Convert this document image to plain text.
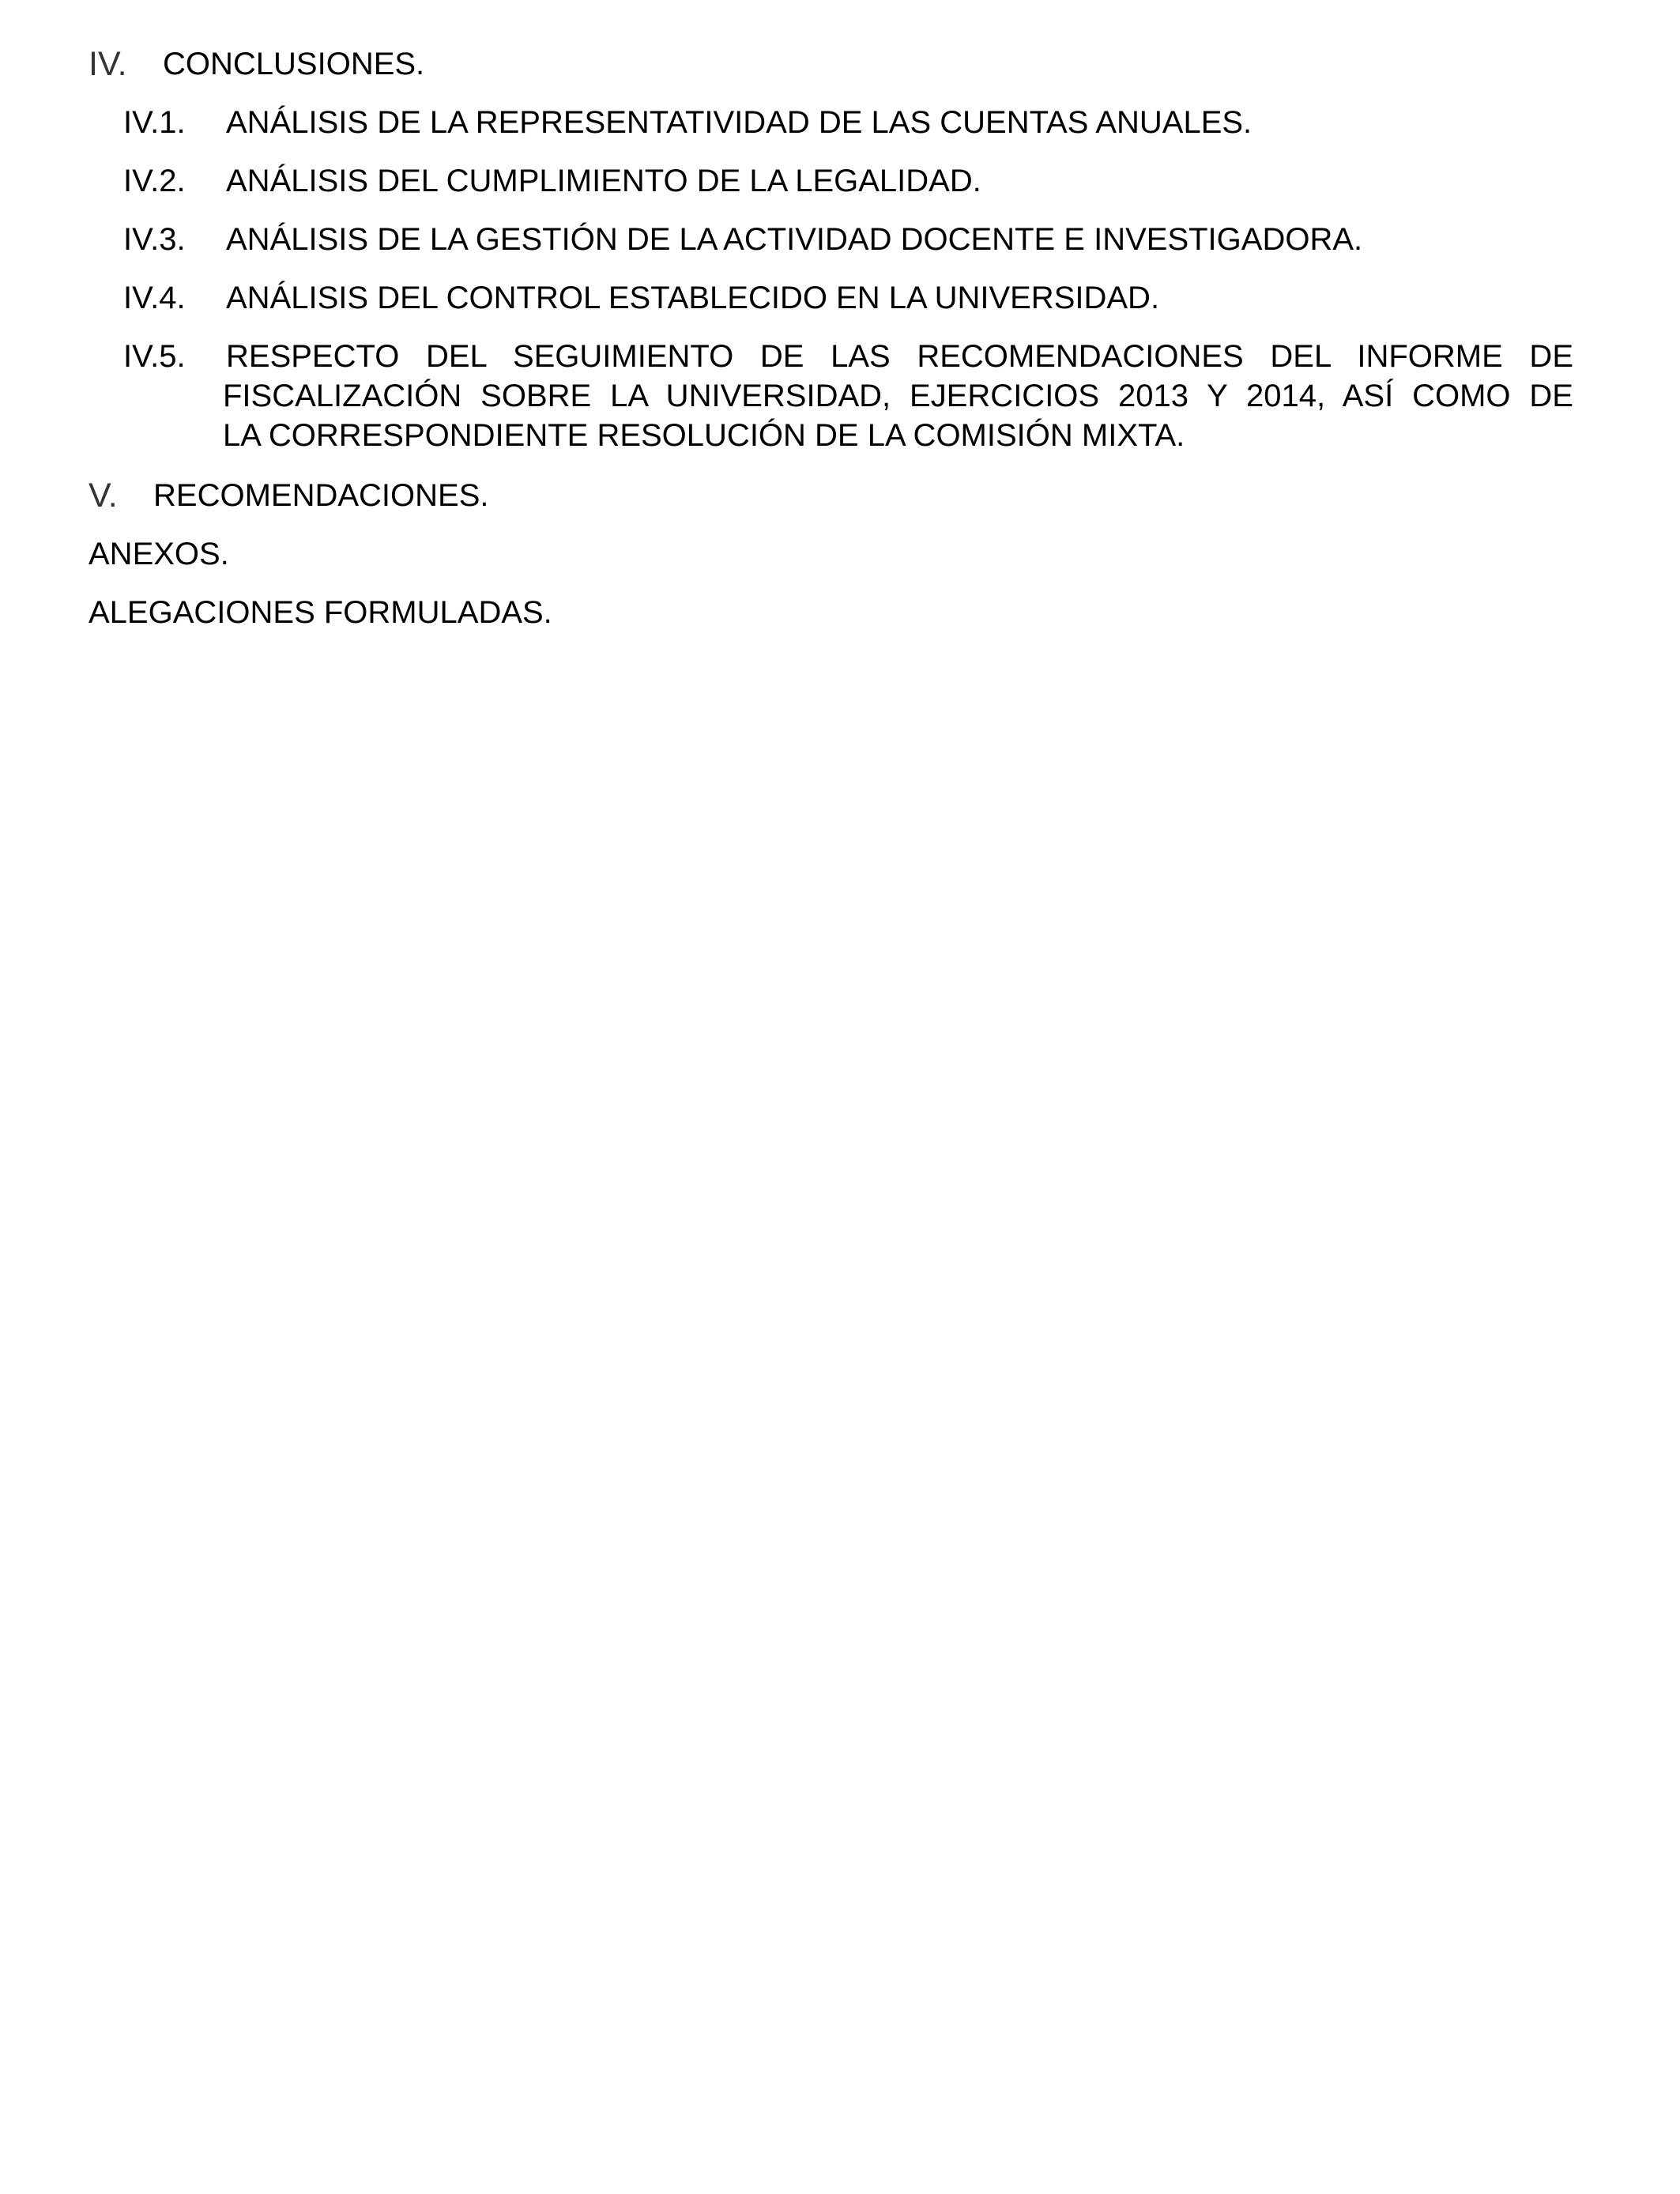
IV. CONCLUSIONES.
IV.1. ANÁLISIS DE LA REPRESENTATIVIDAD DE LAS CUENTAS ANUALES.
IV.2. ANÁLISIS DEL CUMPLIMIENTO DE LA LEGALIDAD.
IV.3. ANÁLISIS DE LA GESTIÓN DE LA ACTIVIDAD DOCENTE E INVESTIGADORA.
IV.4. ANÁLISIS DEL CONTROL ESTABLECIDO EN LA UNIVERSIDAD.
IV.5. RESPECTO DEL SEGUIMIENTO DE LAS RECOMENDACIONES DEL INFORME DE
FISCALIZACIÓN SOBRE LA UNIVERSIDAD, EJERCICIOS 2013 Y 2014, ASÍ COMO DE
LA CORRESPONDIENTE RESOLUCIÓN DE LA COMISIÓN MIXTA.
V. RECOMENDACIONES.
ANEXOS.
ALEGACIONES FORMULADAS.
